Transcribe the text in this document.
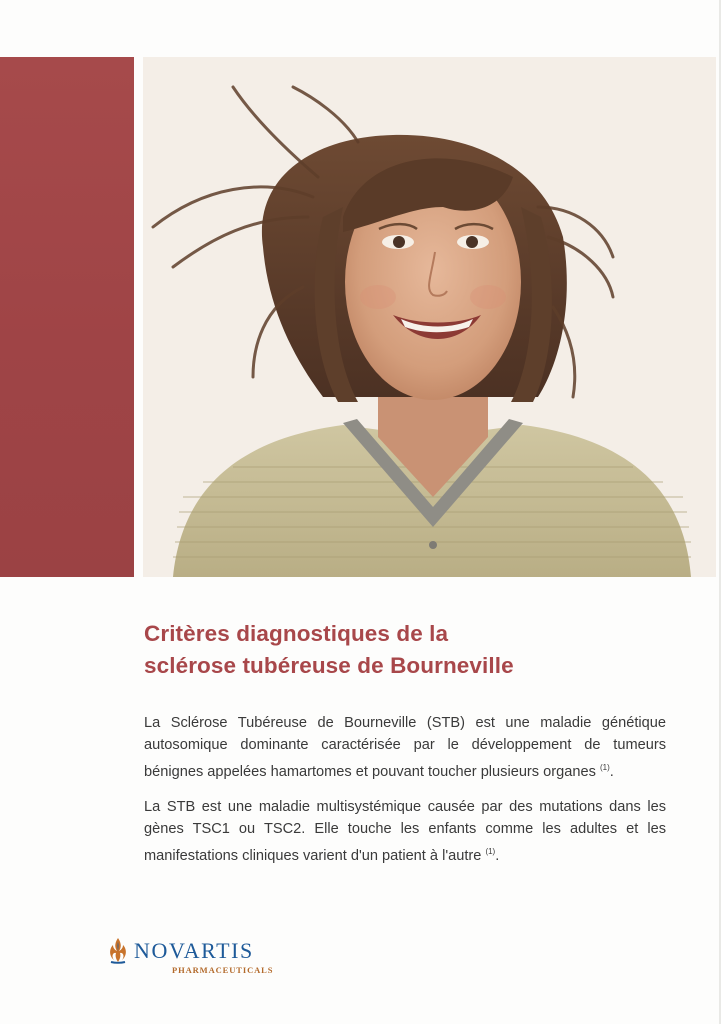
Critères diagnostiques de la
sclérose tubéreuse de Bourneville

La Sclérose Tubéreuse de Bourneville (STB) est une maladie génétique autosomique dominante caractérisée par le développement de tumeurs bénignes appelées hamartomes et pouvant toucher plusieurs organes $^{(1)}$.

La STB est une maladie multisystémique causée par des mutations dans les gènes TSC1 ou TSC2. Elle touche les enfants comme les adultes et les manifestations cliniques varient d'un patient à l'autre $^{(1)}$.

NOVARTIS
PHARMACEUTICALS
